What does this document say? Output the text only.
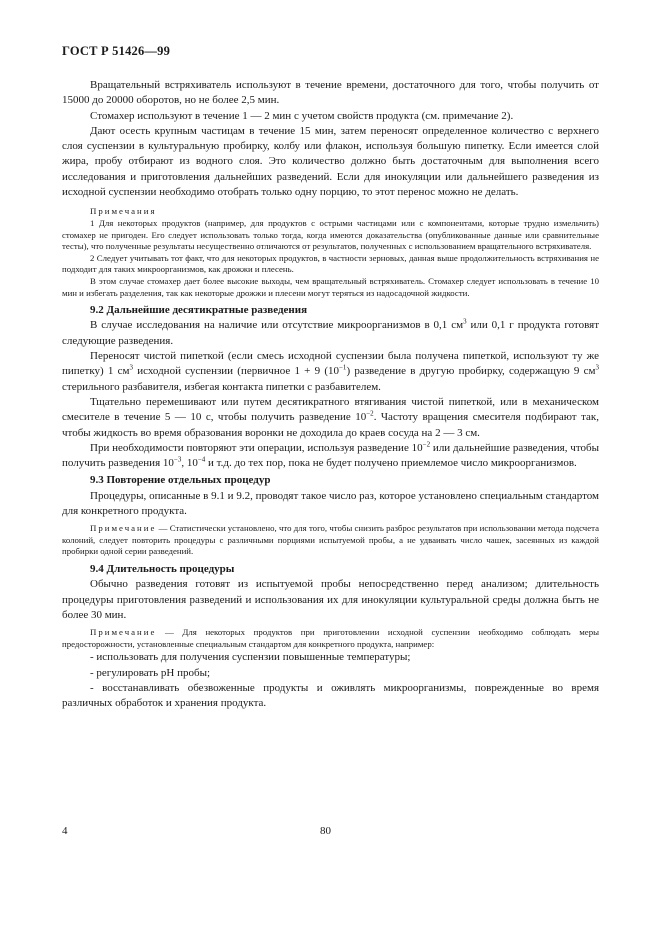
ГОСТ Р 51426—99

Вращательный встряхиватель используют в течение времени, достаточного для того, чтобы получить от 15000 до 20000 оборотов, но не более 2,5 мин.

Стомахер используют в течение 1 — 2 мин с учетом свойств продукта (см. примечание 2).

Дают осесть крупным частицам в течение 15 мин, затем переносят определенное количество с верхнего слоя суспензии в культуральную пробирку, колбу или флакон, используя большую пипетку. Если имеется слой жира, пробу отбирают из водного слоя. Это количество должно быть достаточным для выполнения всего исследования и приготовления дальнейших разведений. Если для инокуляции или дальнейшего разведения из исходной суспензии необходимо отобрать только одну порцию, то этот перенос можно не делать.

Примечания

1 Для некоторых продуктов (например, для продуктов с острыми частицами или с компонентами, которые трудно измельчить) стомахер не пригоден. Его следует использовать только тогда, когда имеются доказательства (опубликованные данные или сравнительные тесты), что полученные результаты несущественно отличаются от результатов, полученных с использованием вращательного встряхивателя.

2 Следует учитывать тот факт, что для некоторых продуктов, в частности зерновых, данная выше продолжительность встряхивания не подходит для таких микроорганизмов, как дрожжи и плесень.

В этом случае стомахер дает более высокие выходы, чем вращательный встряхиватель. Стомахер следует использовать в течение 10 мин и избегать разделения, так как некоторые дрожжи и плесени могут теряться из надосадочной жидкости.

9.2 Дальнейшие десятикратные разведения

В случае исследования на наличие или отсутствие микроорганизмов в 0,1 $см^3$ или 0,1 г продукта готовят следующие разведения.

Переносят чистой пипеткой (если смесь исходной суспензии была получена пипеткой, используют ту же пипетку) 1 $см^3$ исходной суспензии (первичное 1 + 9 $(10^{-1})$ разведение в другую пробирку, содержащую 9 $см^3$ стерильного разбавителя, избегая контакта пипетки с разбавителем.

Тщательно перемешивают или путем десятикратного втягивания чистой пипеткой, или в механическом смесителе в течение 5 — 10 с, чтобы получить разведение $10^{-2}$. Частоту вращения смесителя подбирают так, чтобы жидкость во время образования воронки не доходила до краев сосуда на 2 — 3 см.

При необходимости повторяют эти операции, используя разведение $10^{-2}$ или дальнейшие разведения, чтобы получить разведения $10^{-3}$, $10^{-4}$ и т.д. до тех пор, пока не будет получено приемлемое число микроорганизмов.

9.3 Повторение отдельных процедур

Процедуры, описанные в 9.1 и 9.2, проводят такое число раз, которое установлено специальным стандартом для конкретного продукта.

Примечание — Статистически установлено, что для того, чтобы снизить разброс результатов при использовании метода подсчета колоний, следует повторить процедуры с различными порциями испытуемой пробы, а не удваивать число чашек, засеянных из каждой пробирки одной серии разведений.

9.4 Длительность процедуры

Обычно разведения готовят из испытуемой пробы непосредственно перед анализом; длительность процедуры приготовления разведений и использования их для инокуляции культуральной среды должна быть не более 30 мин.

Примечание — Для некоторых продуктов при приготовлении исходной суспензии необходимо соблюдать меры предосторожности, установленные специальным стандартом для конкретного продукта, например:

- использовать для получения суспензии повышенные температуры;

- регулировать рН пробы;

- восстанавливать обезвоженные продукты и оживлять микроорганизмы, поврежденные во время различных обработок и хранения продукта.

4	80
